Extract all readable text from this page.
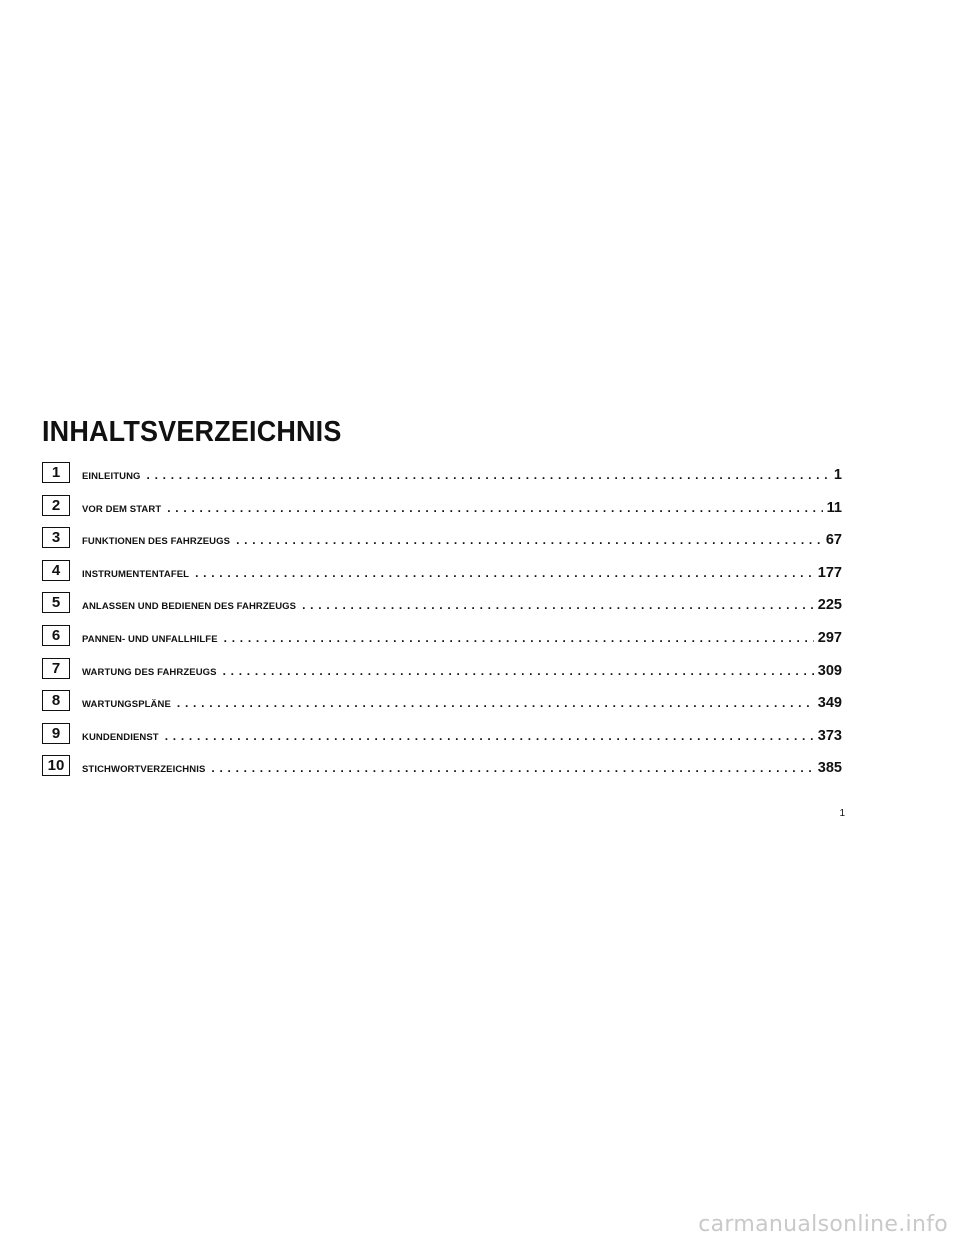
INHALTSVERZEICHNIS
1	EINLEITUNG . . .	1
2	VOR DEM START . . .	11
3	FUNKTIONEN DES FAHRZEUGS . . .	67
4	INSTRUMENTENTAFEL . . .	177
5	ANLASSEN UND BEDIENEN DES FAHRZEUGS . . .	225
6	PANNEN- UND UNFALLHILFE . . .	297
7	WARTUNG DES FAHRZEUGS . . .	309
8	WARTUNGSPLÄNE . . .	349
9	KUNDENDIENST . . .	373
10	STICHWORTVERZEICHNIS . . .	385
1
carmanualsonline.info
